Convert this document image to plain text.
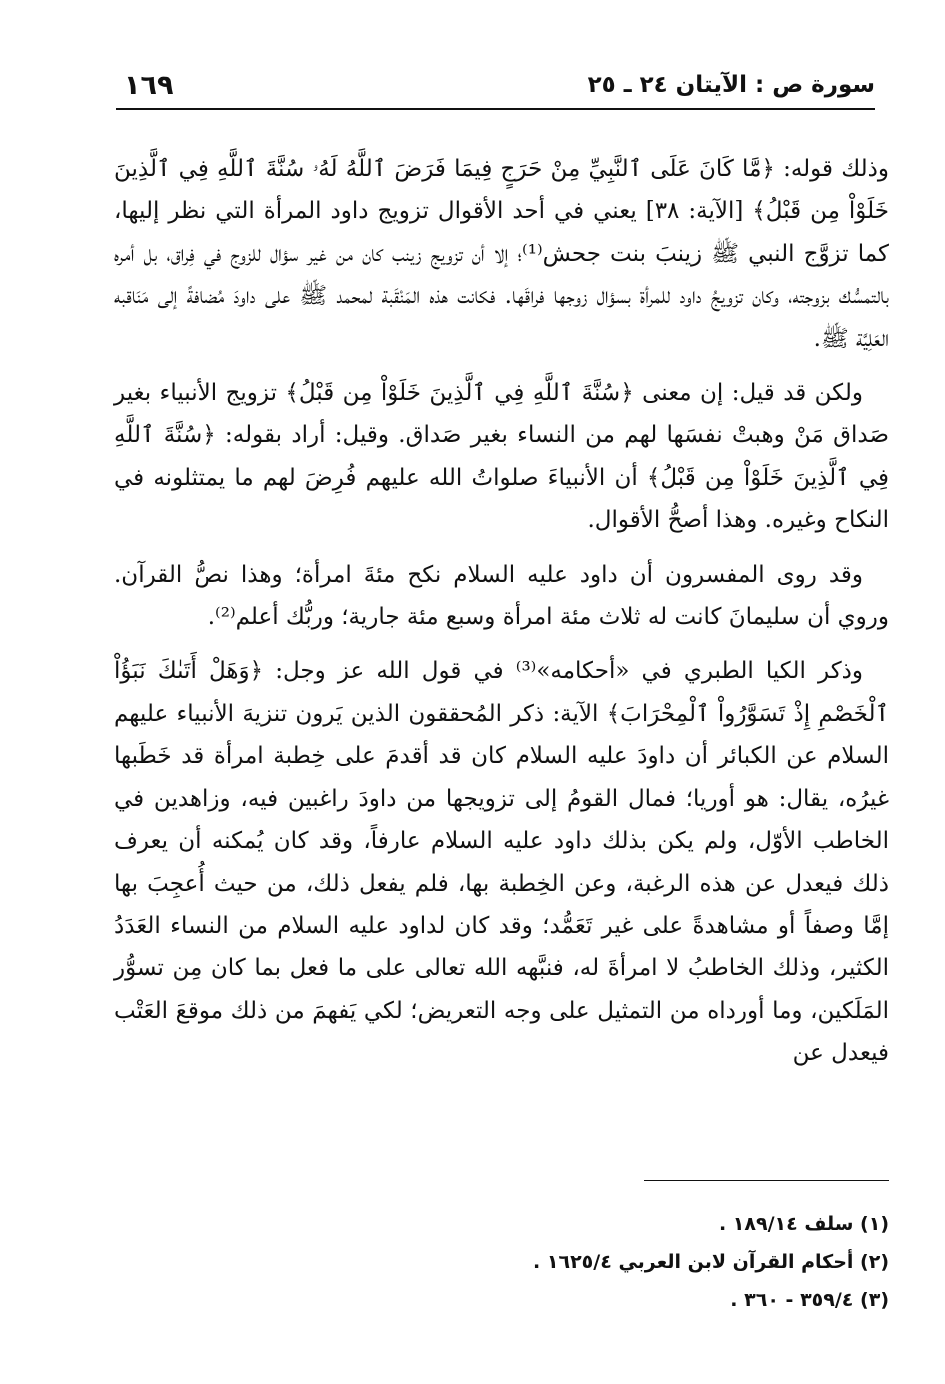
سورة ص : الآيتان ٢٤ ـ ٢٥
١٦٩

وذلك قوله: ﴿مَّا كَانَ عَلَى ٱلنَّبِيِّ مِنْ حَرَجٍ فِيمَا فَرَضَ ٱللَّهُ لَهُۥ سُنَّةَ ٱللَّهِ فِي ٱلَّذِينَ خَلَوْاْ مِن قَبْلُ﴾ [الآية: ٣٨] يعني في أحد الأقوال تزويج داود المرأة التي نظر إليها، كما تزوَّج النبي ﷺ زينبَ بنت جحش⁽¹⁾؛ إلا أن تزويج زينب كان من غير سؤال للزوج في فِراق، بل أمره بالتمسُّك بزوجته، وكان تزويجُ داود للمرأة بسؤال زوجها فراقَها. فكانت هذه المَنْقَبة لمحمد ﷺ على داودَ مُضافةً إلى مَنَاقبه العَلِيَّة ﷺ.

ولكن قد قيل: إن معنى ﴿سُنَّةَ ٱللَّهِ فِي ٱلَّذِينَ خَلَوْاْ مِن قَبْلُ﴾ تزويج الأنبياء بغير صَداق مَنْ وهبتْ نفسَها لهم من النساء بغير صَداق. وقيل: أراد بقوله: ﴿سُنَّةَ ٱللَّهِ فِي ٱلَّذِينَ خَلَوْاْ مِن قَبْلُ﴾ أن الأنبياءَ صلواتُ الله عليهم فُرِضَ لهم ما يمتثلونه في النكاح وغيره. وهذا أصحُّ الأقوال.

وقد روى المفسرون أن داود عليه السلام نكح مئةَ امرأة؛ وهذا نصُّ القرآن. وروي أن سليمانَ كانت له ثلاث مئة امرأة وسبع مئة جارية؛ وربُّك أعلم⁽²⁾.

وذكر الكيا الطبري في «أحكامه»⁽³⁾ في قول الله عز وجل: ﴿وَهَلْ أَتَىٰكَ نَبَؤُاْ ٱلْخَصْمِ إِذْ تَسَوَّرُواْ ٱلْمِحْرَابَ﴾ الآية: ذكر المُحققون الذين يَرون تنزيهَ الأنبياء عليهم السلام عن الكبائر أن داودَ عليه السلام كان قد أقدمَ على خِطبة امرأة قد خَطَبها غيرُه، يقال: هو أوريا؛ فمال القومُ إلى تزويجها من داودَ راغبين فيه، وزاهدين في الخاطب الأوّل، ولم يكن بذلك داود عليه السلام عارفاً، وقد كان يُمكنه أن يعرف ذلك فيعدل عن هذه الرغبة، وعن الخِطبة بها، فلم يفعل ذلك، من حيث أُعجِبَ بها إمَّا وصفاً أو مشاهدةً على غير تَعَمُّد؛ وقد كان لداود عليه السلام من النساء العَدَدُ الكثير، وذلك الخاطبُ لا امرأةَ له، فنبَّهه الله تعالى على ما فعل بما كان مِن تسوُّر المَلَكين، وما أورداه من التمثيل على وجه التعريض؛ لكي يَفهمَ من ذلك موقعَ العَتْب فيعدل عن

(١) سلف ١٨٩/١٤ .
(٢) أحكام القرآن لابن العربي ١٦٢٥/٤ .
(٣) ٣٥٩/٤ - ٣٦٠ .
